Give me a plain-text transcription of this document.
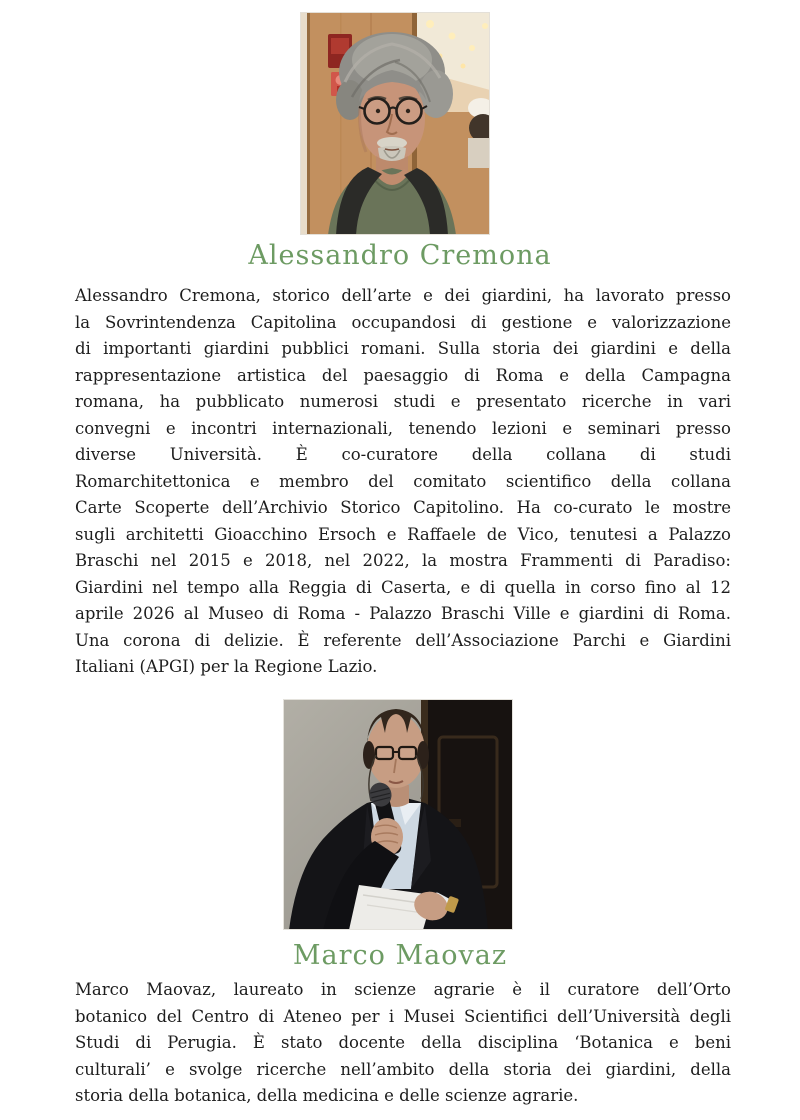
Alessandro Cremona
Alessandro Cremona, storico dell’arte e dei giardini, ha lavorato presso
la Sovrintendenza Capitolina occupandosi di gestione e valorizzazione
di importanti giardini pubblici romani. Sulla storia dei giardini e della
rappresentazione artistica del paesaggio di Roma e della Campagna
romana, ha pubblicato numerosi studi e presentato ricerche in vari
convegni e incontri internazionali, tenendo lezioni e seminari presso
diverse Università. È co-curatore della collana di studi
Romarchitettonica e membro del comitato scientifico della collana
Carte Scoperte dell’Archivio Storico Capitolino. Ha co-curato le mostre
sugli architetti Gioacchino Ersoch e Raffaele de Vico, tenutesi a Palazzo
Braschi nel 2015 e 2018, nel 2022, la mostra Frammenti di Paradiso:
Giardini nel tempo alla Reggia di Caserta, e di quella in corso fino al 12
aprile 2026 al Museo di Roma - Palazzo Braschi Ville e giardini di Roma.
Una corona di delizie. È referente dell’Associazione Parchi e Giardini
Italiani (APGI) per la Regione Lazio.
Marco Maovaz
Marco Maovaz, laureato in scienze agrarie è il curatore dell’Orto
botanico del Centro di Ateneo per i Musei Scientifici dell’Università degli
Studi di Perugia. È stato docente della disciplina ‘Botanica e beni
culturali’ e svolge ricerche nell’ambito della storia dei giardini, della
storia della botanica, della medicina e delle scienze agrarie.
